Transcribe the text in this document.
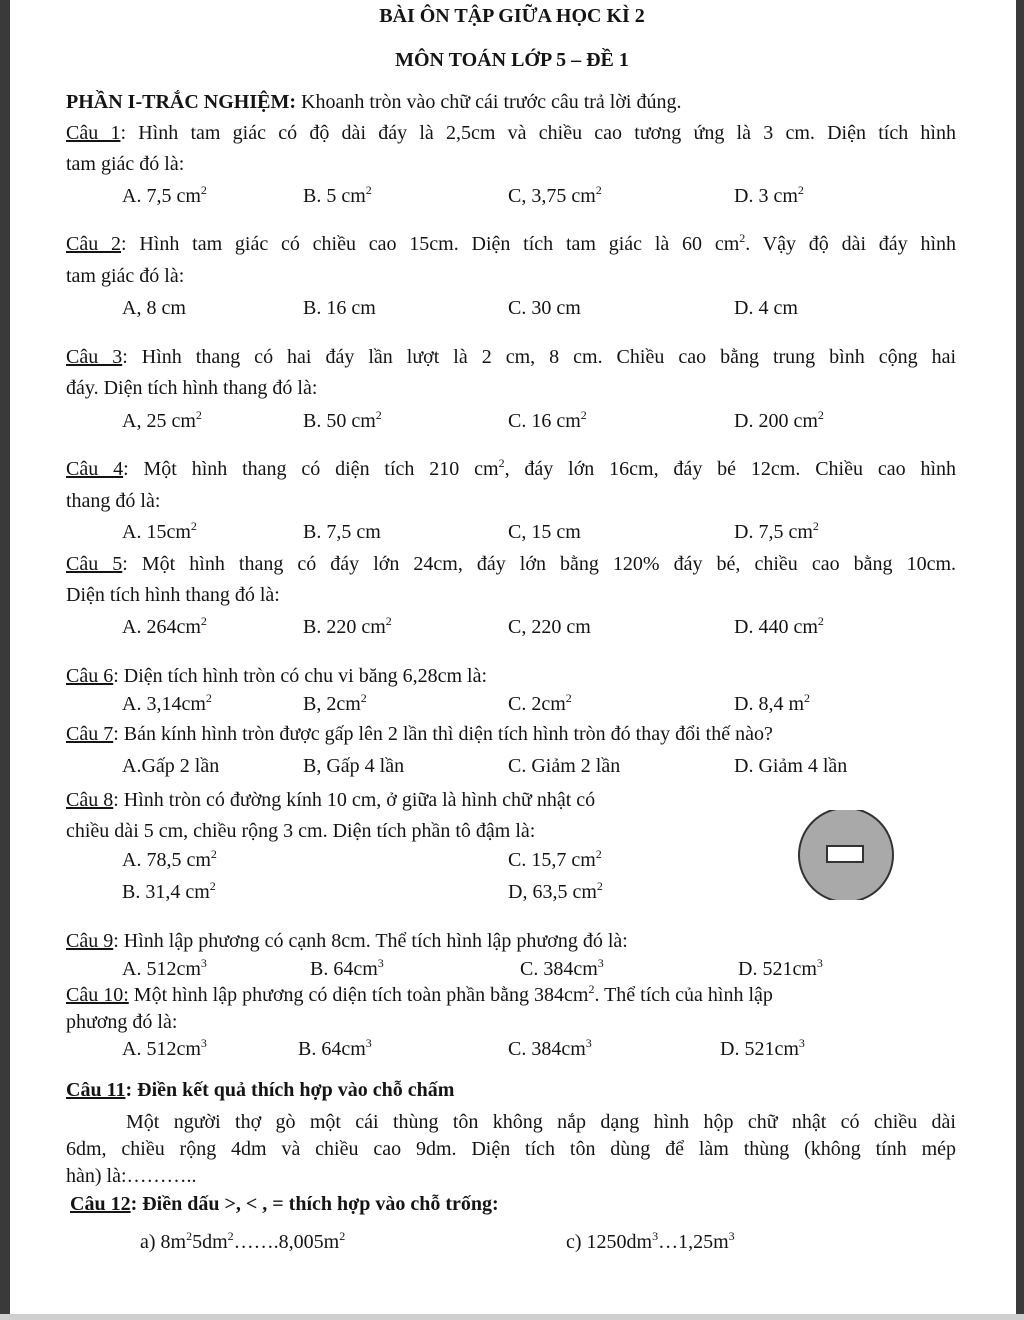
BÀI ÔN TẬP GIỮA HỌC KÌ 2
MÔN TOÁN LỚP 5 – ĐỀ 1
PHẦN I-TRẮC NGHIỆM: Khoanh tròn vào chữ cái trước câu trả lời đúng.
Câu 1: Hình tam giác có độ dài đáy là 2,5cm và chiều cao tương ứng là 3 cm. Diện tích hình
tam giác đó là:
A. 7,5 $cm^2$	B. 5 $cm^2$	C, 3,75 $cm^2$	D. 3 $cm^2$
Câu 2: Hình tam giác có chiều cao 15cm. Diện tích tam giác là 60 $cm^2$. Vậy độ dài đáy hình
tam giác đó là:
A, 8 cm	B. 16 cm	C. 30 cm	D. 4 cm
Câu 3: Hình thang có hai đáy lần lượt là 2 cm, 8 cm. Chiều cao bằng trung bình cộng hai
đáy. Diện tích hình thang đó là:
A, 25 $cm^2$	B. 50 $cm^2$	C. 16 $cm^2$	D. 200 $cm^2$
Câu 4: Một hình thang có diện tích 210 $cm^2$, đáy lớn 16cm, đáy bé 12cm. Chiều cao hình
thang đó là:
A. $15cm^2$	B. 7,5 cm	C, 15 cm	D. 7,5 $cm^2$
Câu 5: Một hình thang có đáy lớn 24cm, đáy lớn bằng 120% đáy bé, chiều cao bằng 10cm.
Diện tích hình thang đó là:
A. $264cm^2$	B. 220 $cm^2$	C, 220 cm	D. 440 $cm^2$
Câu 6: Diện tích hình tròn có chu vi băng 6,28cm là:
A. $3,14cm^2$	B, $2cm^2$	C. $2cm^2$	D. 8,4 $m^2$
Câu 7: Bán kính hình tròn được gấp lên 2 lần thì diện tích hình tròn đó thay đổi thế nào?
A.Gấp 2 lần	B, Gấp 4 lần	C. Giảm 2 lần	D. Giảm 4 lần
Câu 8: Hình tròn có đường kính 10 cm, ở giữa là hình chữ nhật có
chiều dài 5 cm, chiều rộng 3 cm. Diện tích phần tô đậm là:
A. 78,5 $cm^2$	C. 15,7 $cm^2$
B. 31,4 $cm^2$	D, 63,5 $cm^2$
Câu 9: Hình lập phương có cạnh 8cm. Thể tích hình lập phương đó là:
A. $512cm^3$	B. $64cm^3$	C. $384cm^3$	D. $521cm^3$
Câu 10: Một hình lập phương có diện tích toàn phần bằng $384cm^2$. Thể tích của hình lập
phương đó là:
A. $512cm^3$	B. $64cm^3$	C. $384cm^3$	D. $521cm^3$
Câu 11: Điền kết quả thích hợp vào chỗ chấm
Một người thợ gò một cái thùng tôn không nắp dạng hình hộp chữ nhật có chiều dài
6dm, chiều rộng 4dm và chiều cao 9dm. Diện tích tôn dùng để làm thùng (không tính mép
hàn) là:………..
Câu 12: Điền dấu >, < , = thích hợp vào chỗ trống:
a) $8m^25dm^2\dots\dots.8,005m^2$	c) $1250dm^3\dots 1,25m^3$
